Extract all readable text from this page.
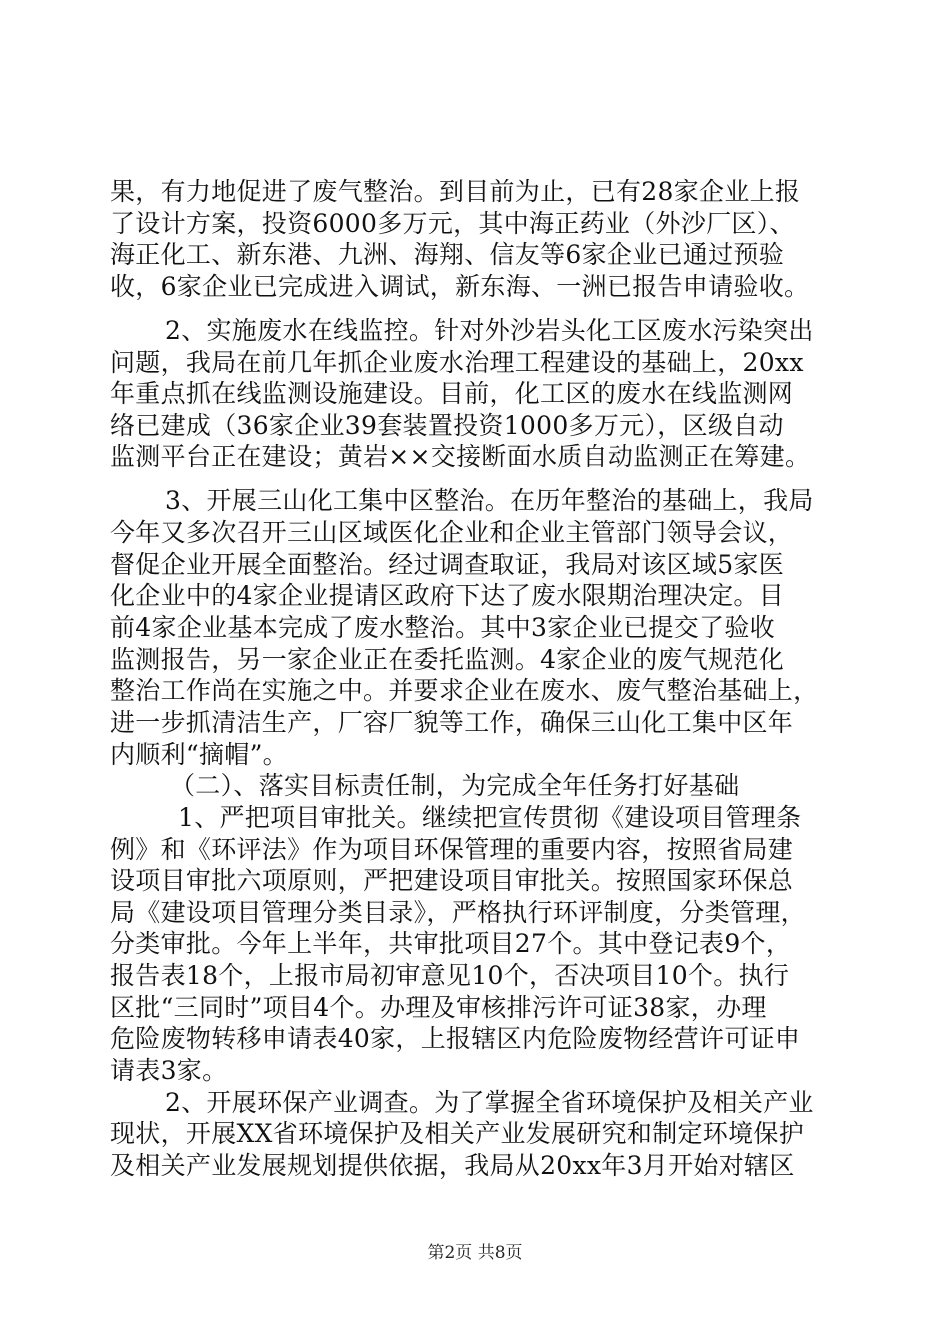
果，有力地促进了废气整治。到目前为止，已有28家企业上报
了设计方案，投资6000多万元，其中海正药业（外沙厂区）、
海正化工、新东港、九洲、海翔、信友等6家企业已通过预验
收，6家企业已完成进入调试，新东海、一洲已报告申请验收。
2、实施废水在线监控。针对外沙岩头化工区废水污染突出
问题，我局在前几年抓企业废水治理工程建设的基础上，20xx
年重点抓在线监测设施建设。目前，化工区的废水在线监测网
络已建成（36家企业39套装置投资1000多万元），区级自动
监测平台正在建设；黄岩××交接断面水质自动监测正在筹建。
3、开展三山化工集中区整治。在历年整治的基础上，我局
今年又多次召开三山区域医化企业和企业主管部门领导会议，
督促企业开展全面整治。经过调查取证，我局对该区域5家医
化企业中的4家企业提请区政府下达了废水限期治理决定。目
前4家企业基本完成了废水整治。其中3家企业已提交了验收
监测报告，另一家企业正在委托监测。4家企业的废气规范化
整治工作尚在实施之中。并要求企业在废水、废气整治基础上，
进一步抓清洁生产，厂容厂貌等工作，确保三山化工集中区年
内顺利“摘帽”。
（二）、落实目标责任制，为完成全年任务打好基础
1、严把项目审批关。继续把宣传贯彻《建设项目管理条
例》和《环评法》作为项目环保管理的重要内容，按照省局建
设项目审批六项原则，严把建设项目审批关。按照国家环保总
局《建设项目管理分类目录》，严格执行环评制度，分类管理，
分类审批。今年上半年，共审批项目27个。其中登记表9个，
报告表18个，上报市局初审意见10个，否决项目10个。执行
区批“三同时”项目4个。办理及审核排污许可证38家，办理
危险废物转移申请表40家，上报辖区内危险废物经营许可证申
请表3家。
2、开展环保产业调查。为了掌握全省环境保护及相关产业
现状，开展XX省环境保护及相关产业发展研究和制定环境保护
及相关产业发展规划提供依据，我局从20xx年3月开始对辖区
第2页 共8页
